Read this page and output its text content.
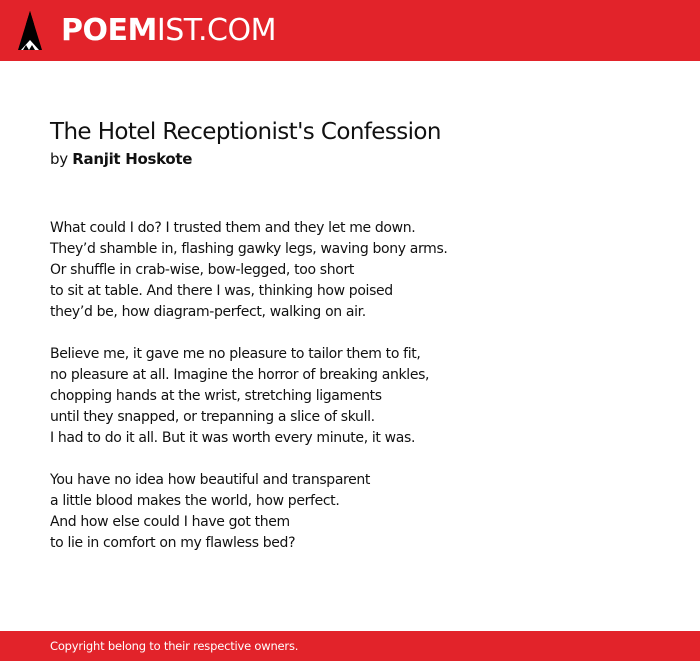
POEMIST.COM
The Hotel Receptionist's Confession
by Ranjit Hoskote
What could I do? I trusted them and they let me down.
They’d shamble in, flashing gawky legs, waving bony arms.
Or shuffle in crab-wise, bow-legged, too short
to sit at table. And there I was, thinking how poised
they’d be, how diagram-perfect, walking on air.
Believe me, it gave me no pleasure to tailor them to fit,
no pleasure at all. Imagine the horror of breaking ankles,
chopping hands at the wrist, stretching ligaments
until they snapped, or trepanning a slice of skull.
I had to do it all. But it was worth every minute, it was.
You have no idea how beautiful and transparent
a little blood makes the world, how perfect.
And how else could I have got them
to lie in comfort on my flawless bed?
Copyright belong to their respective owners.
